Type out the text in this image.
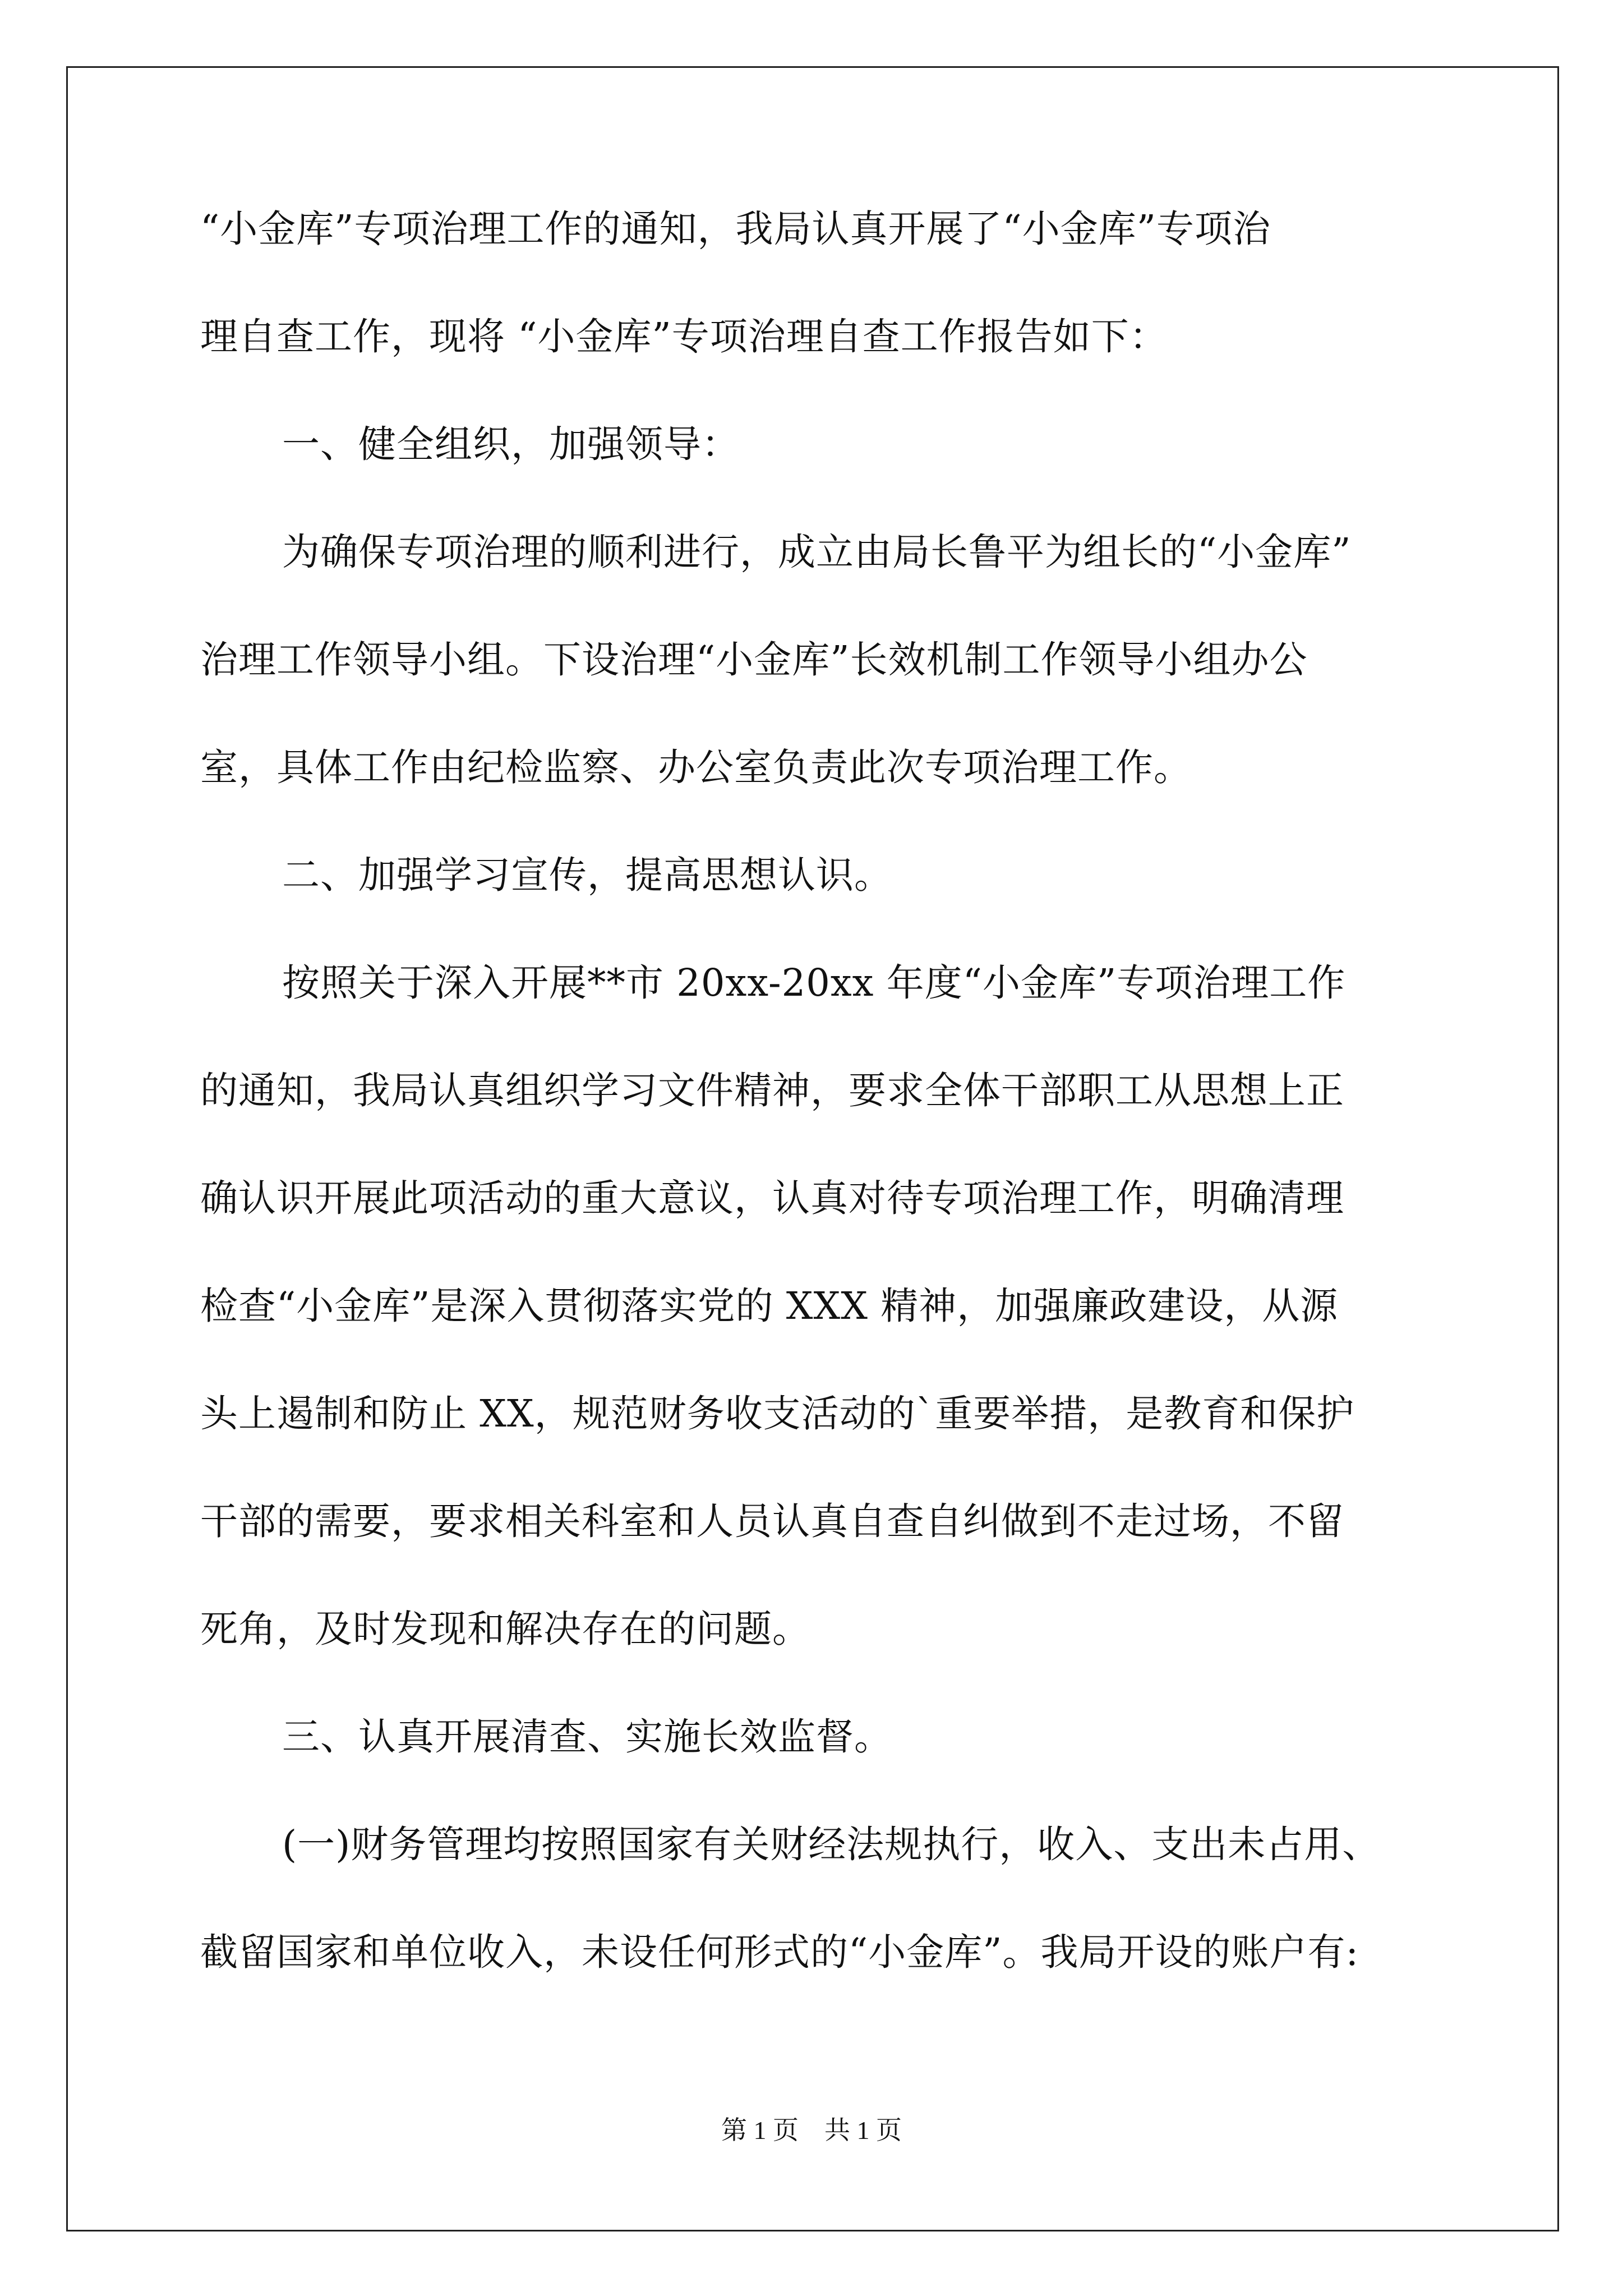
“小金库”专项治理工作的通知，我局认真开展了“小金库”专项治
理自查工作，现将 “小金库”专项治理自查工作报告如下：
一、健全组织，加强领导：
为确保专项治理的顺利进行，成立由局长鲁平为组长的“小金库”
治理工作领导小组。下设治理“小金库”长效机制工作领导小组办公
室，具体工作由纪检监察、办公室负责此次专项治理工作。
二、加强学习宣传，提高思想认识。
按照关于深入开展**市 20xx-20xx 年度“小金库”专项治理工作
的通知，我局认真组织学习文件精神，要求全体干部职工从思想上正
确认识开展此项活动的重大意议，认真对待专项治理工作，明确清理
检查“小金库”是深入贯彻落实党的 XXX 精神，加强廉政建设，从源
头上遏制和防止 XX，规范财务收支活动的`重要举措，是教育和保护
干部的需要，要求相关科室和人员认真自查自纠做到不走过场，不留
死角，及时发现和解决存在的问题。
三、认真开展清查、实施长效监督。
(一)财务管理均按照国家有关财经法规执行，收入、支出未占用、
截留国家和单位收入，未设任何形式的“小金库”。我局开设的账户有:
第 1 页 共 1 页
